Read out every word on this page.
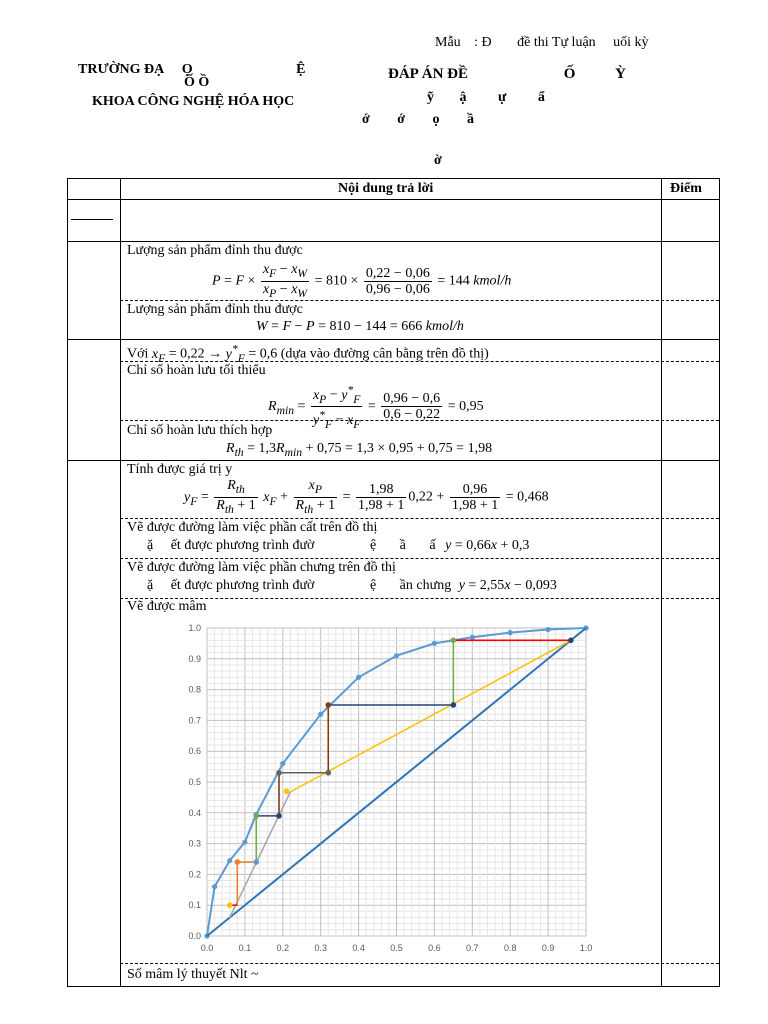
Mẫu : Đ đề thi Tự luận uối kỳ
TRƯỜNG ĐẠ Ọ	Ệ
Ố Ồ
ĐÁP ÁN ĐỀ	Ố Ỳ
KHOA CÔNG NGHỆ HÓA HỌC	ỹ ậ ự ẩ
ớ ớ ọ ầ
ờ
Nội dung trả lời	Điểm
Lượng sản phẩm đỉnh thu được
$P = F \times \frac{x_F - x_W}{x_P - x_W} = 810 \times \frac{0,22 - 0,06}{0,96 - 0,06} = 144$ kmol/h
Lượng sản phẩm đỉnh thu được
W = F − P = 810 − 144 = 666 kmol/h
Với $x_F = 0,22 \to y^*_F = 0,6$ (dựa vào đường cân bằng trên đồ thị)
Chỉ số hoàn lưu tối thiểu
$R_{min} = \frac{x_P - y^*_F}{y^*_F - x_F} = \frac{0,96 - 0,6}{0,6 - 0,22} = 0,95$
Chỉ số hoàn lưu thích hợp
$R_{th} = 1,3R_{min} + 0,75 = 1,3 \times 0,95 + 0,75 = 1,98$
Tính được giá trị y
$y_F = \frac{R_{th}}{R_{th} + 1} x_F + \frac{x_P}{R_{th} + 1} = \frac{1,98}{1,98 + 1} 0,22 + \frac{0,96}{1,98 + 1} = 0,468$
Vẽ được đường làm việc phần cất trên đồ thị
ặ ết được phương trình đườ	ệ ầ ấ y = 0,66x + 0,3
Vẽ được đường làm việc phần chưng trên đồ thị
ặ ết được phương trình đườ	ệ ần chưng y = 2,55x − 0,093
Vẽ được mâm
0.0	0.1	0.2	0.3	0.4	0.5	0.6	0.7	0.8	0.9	1.0
0.0
0.1
0.2
0.3
0.4
0.5
0.6
0.7
0.8
0.9
1.0
Số mâm lý thuyết Nlt ~
